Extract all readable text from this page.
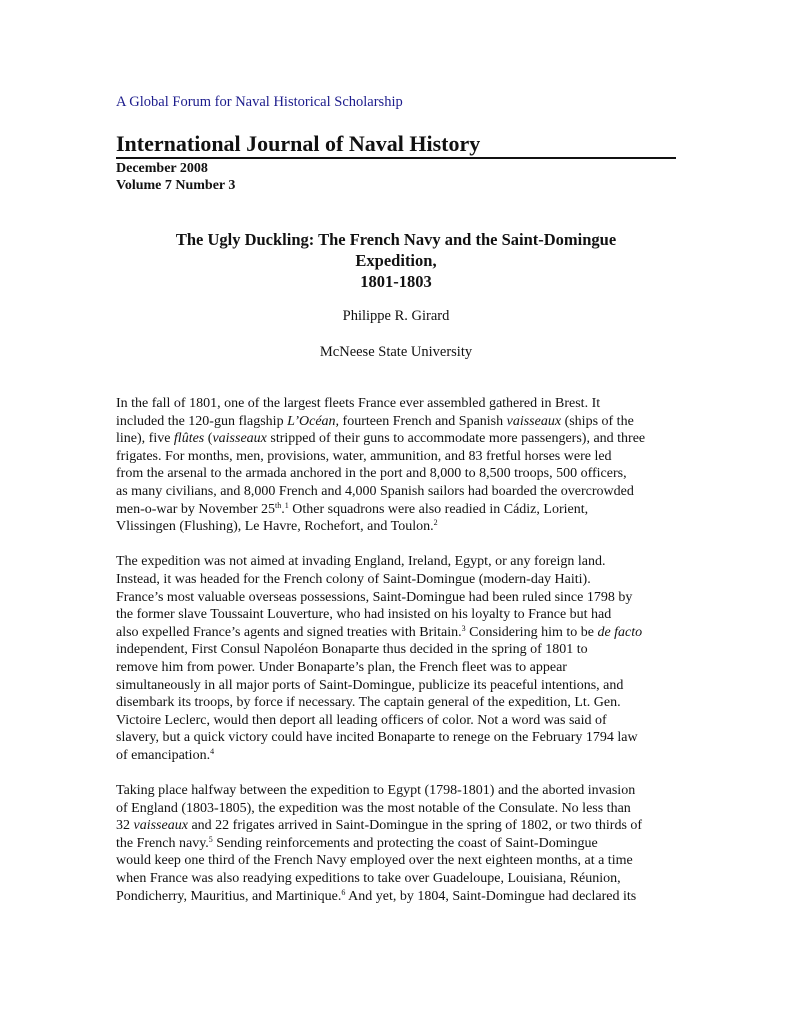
A Global Forum for Naval Historical Scholarship
International Journal of Naval History
December 2008
Volume 7 Number 3
The Ugly Duckling: The French Navy and the Saint-Domingue
Expedition,
1801-1803
Philippe R. Girard
McNeese State University

In the fall of 1801, one of the largest fleets France ever assembled gathered in Brest. It
included the 120-gun flagship L’Océan, fourteen French and Spanish vaisseaux (ships of the
line), five flûtes (vaisseaux stripped of their guns to accommodate more passengers), and three
frigates. For months, men, provisions, water, ammunition, and 83 fretful horses were led
from the arsenal to the armada anchored in the port and 8,000 to 8,500 troops, 500 officers,
as many civilians, and 8,000 French and 4,000 Spanish sailors had boarded the overcrowded
men-o-war by November 25th.$^1$ Other squadrons were also readied in Cádiz, Lorient,
Vlissingen (Flushing), Le Havre, Rochefort, and Toulon.$^2$

The expedition was not aimed at invading England, Ireland, Egypt, or any foreign land.
Instead, it was headed for the French colony of Saint-Domingue (modern-day Haiti).
France’s most valuable overseas possessions, Saint-Domingue had been ruled since 1798 by
the former slave Toussaint Louverture, who had insisted on his loyalty to France but had
also expelled France’s agents and signed treaties with Britain.$^3$ Considering him to be de facto
independent, First Consul Napoléon Bonaparte thus decided in the spring of 1801 to
remove him from power. Under Bonaparte’s plan, the French fleet was to appear
simultaneously in all major ports of Saint-Domingue, publicize its peaceful intentions, and
disembark its troops, by force if necessary. The captain general of the expedition, Lt. Gen.
Victoire Leclerc, would then deport all leading officers of color. Not a word was said of
slavery, but a quick victory could have incited Bonaparte to renege on the February 1794 law
of emancipation.$^4$

Taking place halfway between the expedition to Egypt (1798-1801) and the aborted invasion
of England (1803-1805), the expedition was the most notable of the Consulate. No less than
32 vaisseaux and 22 frigates arrived in Saint-Domingue in the spring of 1802, or two thirds of
the French navy.$^5$ Sending reinforcements and protecting the coast of Saint-Domingue
would keep one third of the French Navy employed over the next eighteen months, at a time
when France was also readying expeditions to take over Guadeloupe, Louisiana, Réunion,
Pondicherry, Mauritius, and Martinique.$^6$ And yet, by 1804, Saint-Domingue had declared its
